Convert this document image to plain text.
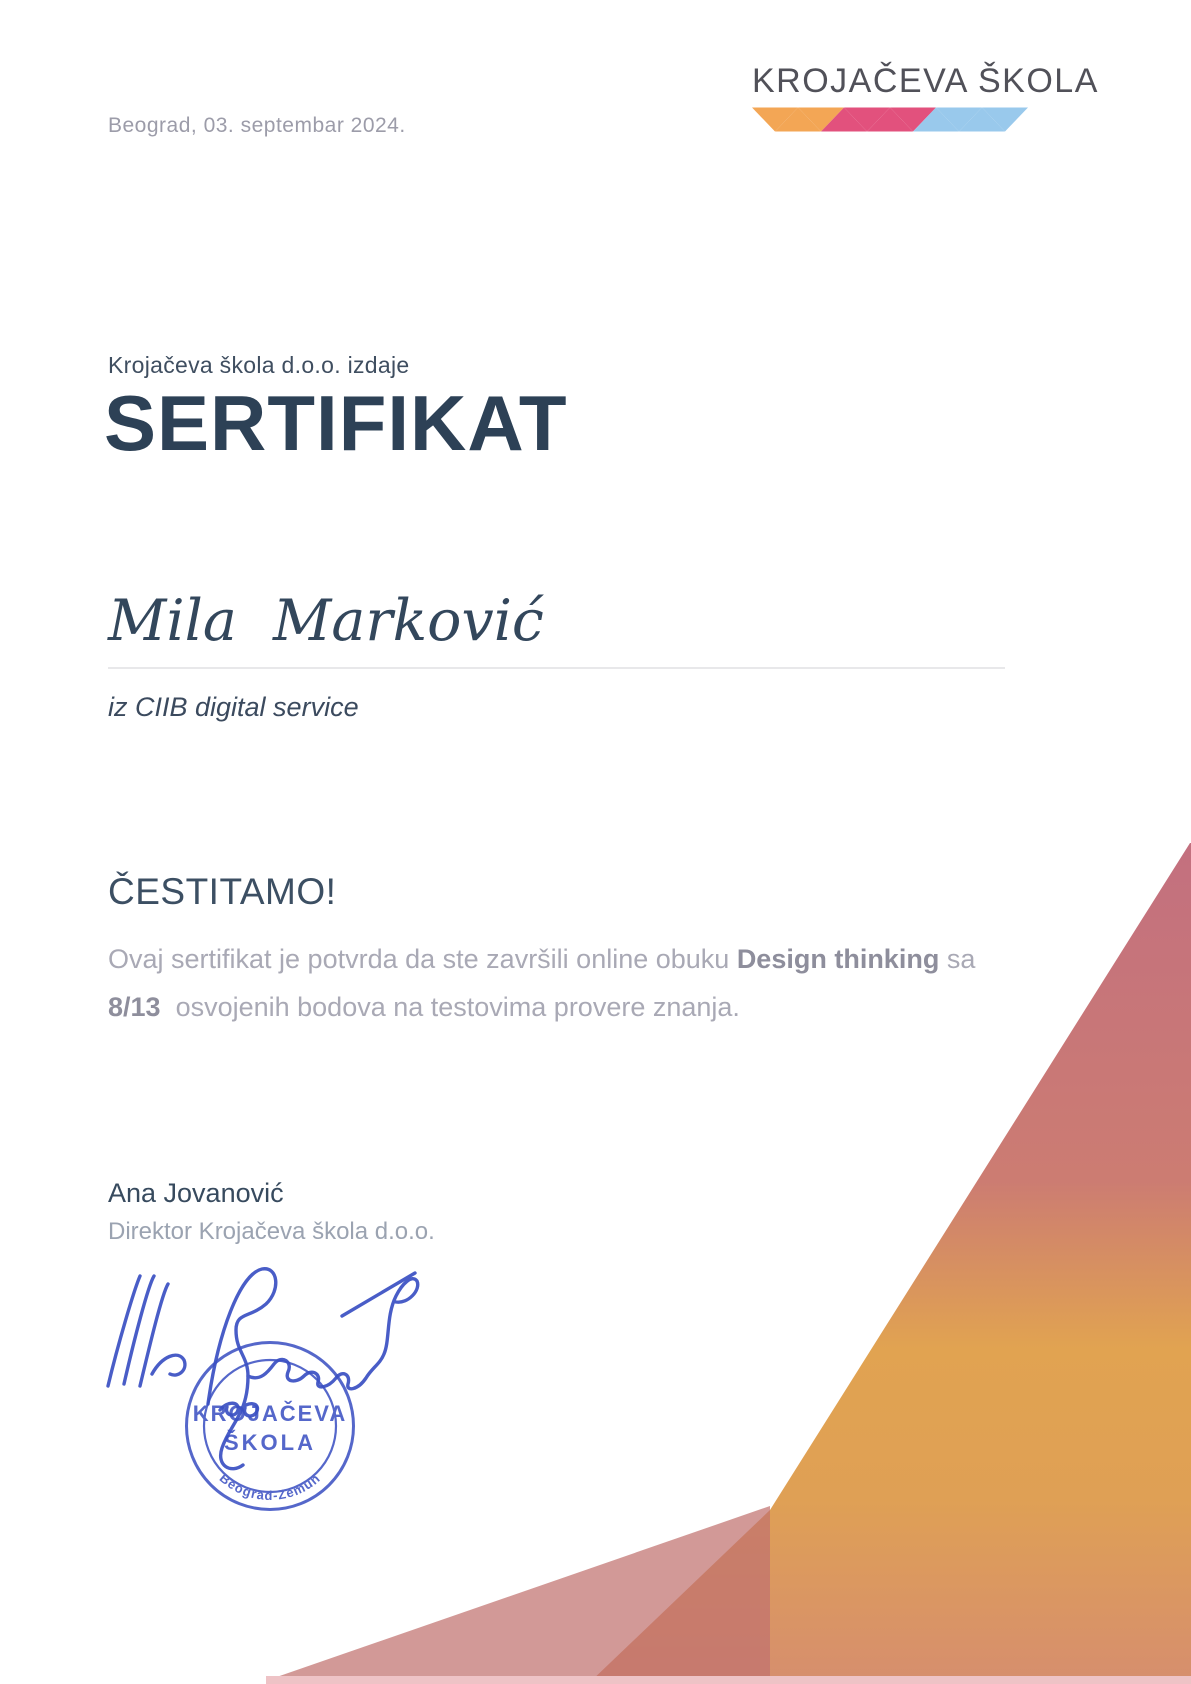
Beograd, 03. septembar 2024.
KROJAČEVA ŠKOLA
Krojačeva škola d.o.o. izdaje
SERTIFIKAT
Mila  Marković
iz CIIB digital service
ČESTITAMO!
Ovaj sertifikat je potvrda da ste završili online obuku Design thinking sa 8/13  osvojenih bodova na testovima provere znanja.
Ana Jovanović
Direktor Krojačeva škola d.o.o.
KROJAČEVA
ŠKOLA
Beograd-Zemun
